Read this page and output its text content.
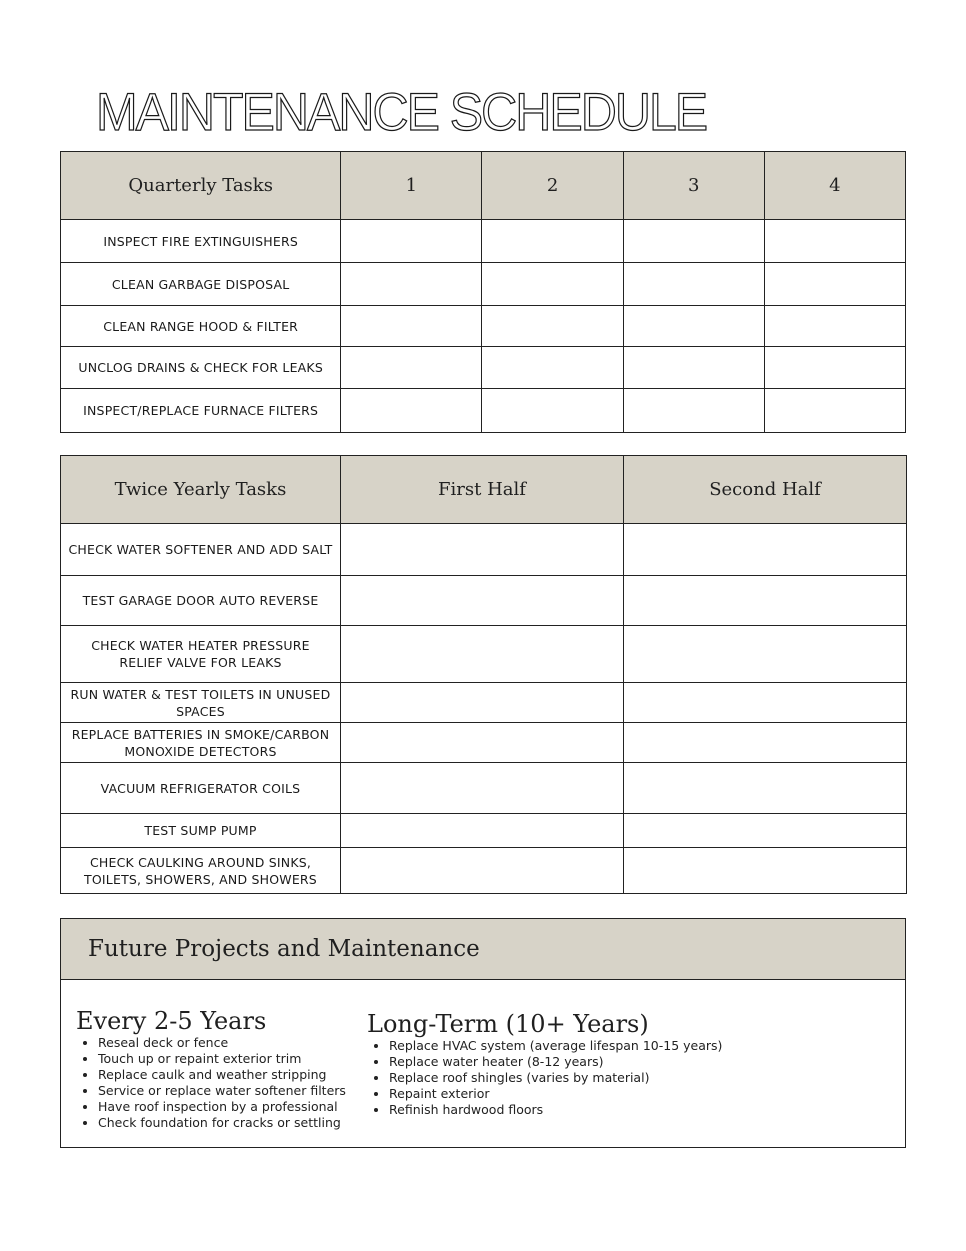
MAINTENANCE SCHEDULE
Quarterly Tasks	1	2	3	4
INSPECT FIRE EXTINGUISHERS				
CLEAN GARBAGE DISPOSAL				
CLEAN RANGE HOOD & FILTER				
UNCLOG DRAINS & CHECK FOR LEAKS				
INSPECT/REPLACE FURNACE FILTERS				
Twice Yearly Tasks	First Half	Second Half
CHECK WATER SOFTENER AND ADD SALT		
TEST GARAGE DOOR AUTO REVERSE		
CHECK WATER HEATER PRESSURE RELIEF VALVE FOR LEAKS		
RUN WATER & TEST TOILETS IN UNUSED SPACES		
REPLACE BATTERIES IN SMOKE/CARBON MONOXIDE DETECTORS		
VACUUM REFRIGERATOR COILS		
TEST SUMP PUMP		
CHECK CAULKING AROUND SINKS, TOILETS, SHOWERS, AND SHOWERS		
Future Projects and Maintenance
Every 2-5 Years
• Reseal deck or fence
• Touch up or repaint exterior trim
• Replace caulk and weather stripping
• Service or replace water softener filters
• Have roof inspection by a professional
• Check foundation for cracks or settling
Long-Term (10+ Years)
• Replace HVAC system (average lifespan 10-15 years)
• Replace water heater (8-12 years)
• Replace roof shingles (varies by material)
• Repaint exterior
• Refinish hardwood floors
